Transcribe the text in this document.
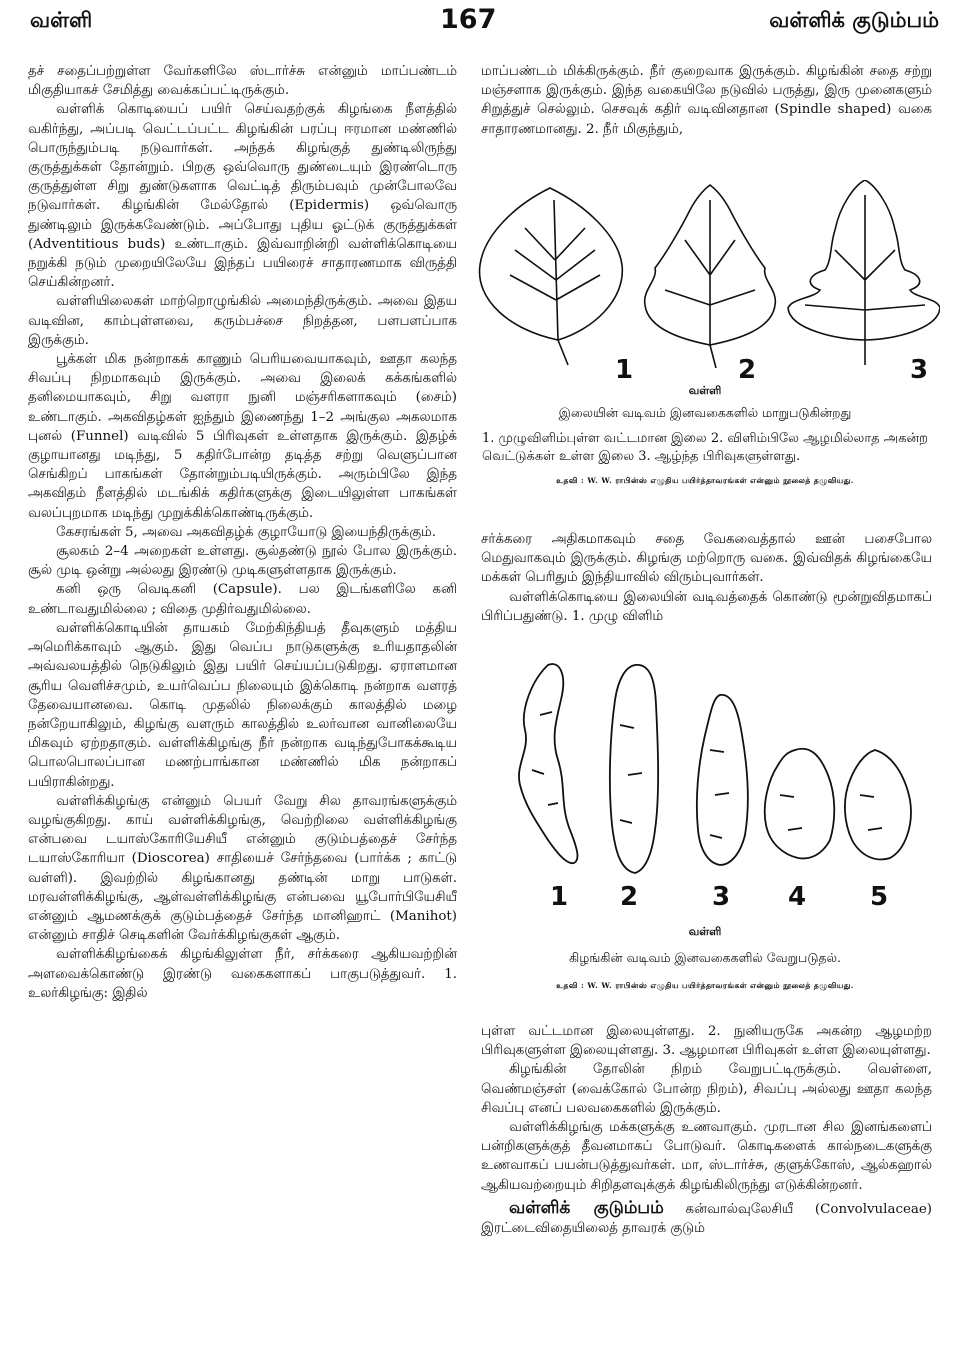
வள்ளி	167	வள்ளிக் குடும்பம்

தச் சதைப்பற்றுள்ள வேர்களிலே ஸ்டார்ச்சு என்னும் மாப்பண்டம் மிகுதியாகச் சேமித்து வைக்கப்பட்டிருக்கும்.

வள்ளிக் கொடியைப் பயிர் செய்வதற்குக் கிழங்கை நீளத்தில் வகிர்ந்து, அப்படி வெட்டப்பட்ட கிழங்கின் பரப்பு ஈரமான மண்ணில் பொருந்தும்படி நடுவார்கள். அந்தக் கிழங்குத் துண்டிலிருந்து குருத்துக்கள் தோன்றும். பிறகு ஒவ்வொரு துண்டையும் இரண்டொரு குருத்துள்ள சிறு துண்டுகளாக வெட்டித் திரும்பவும் முன்போலவே நடுவார்கள். கிழங்கின் மேல்தோல் (Epidermis) ஒவ்வொரு துண்டிலும் இருக்கவேண்டும். அப்போது புதிய ஓட்டுக் குருத்துக்கள் (Adventitious buds) உண்டாகும். இவ்வாறின்றி வள்ளிக்கொடியை நறுக்கி நடும் முறையிலேயே இந்தப் பயிரைச் சாதாரணமாக விருத்தி செய்கின்றனர்.

வள்ளியிலைகள் மாற்றொழுங்கில் அமைந்திருக்கும். அவை இதய வடிவின, காம்புள்ளவை, கரும்பச்சை நிறத்தன, பளபளப்பாக இருக்கும்.

பூக்கள் மிக நன்றாகக் காணும் பெரியவையாகவும், ஊதா கலந்த சிவப்பு நிறமாகவும் இருக்கும். அவை இலைக் கக்கங்களில் தனிமையாகவும், சிறு வளரா நுனி மஞ்சரிகளாகவும் (சைம்) உண்டாகும். அகவிதழ்கள் ஐந்தும் இணைந்து 1–2 அங்குல அகலமாக புனல் (Funnel) வடிவில் 5 பிரிவுகள் உள்ளதாக இருக்கும். இதழ்க் குழாயானது மடிந்து, 5 கதிர்போன்ற தடித்த சற்று வெளுப்பான செங்கிறப் பாகங்கள் தோன்றும்படியிருக்கும். அரும்பிலே இந்த அகவிதம் நீளத்தில் மடங்கிக் கதிர்களுக்கு இடையிலுள்ள பாகங்கள் வலப்புறமாக மடிந்து முறுக்கிக்கொண்டிருக்கும்.

கேசரங்கள் 5, அவை அகவிதழ்க் குழாயோடு இயைந்திருக்கும்.

சூலகம் 2–4 அறைகள் உள்ளது. சூல்தண்டு நூல் போல இருக்கும். சூல் முடி ஒன்று அல்லது இரண்டு முடிகளுள்ளதாக இருக்கும்.

கனி ஒரு வெடிகனி (Capsule). பல இடங்களிலே கனி உண்டாவதுமில்லை ; விதை முதிர்வதுமில்லை.

வள்ளிக்கொடியின் தாயகம் மேற்கிந்தியத் தீவுகளும் மத்திய அமெரிக்காவும் ஆகும். இது வெப்ப நாடுகளுக்கு உரியதாதலின் அவ்வலயத்தில் நெடுகிலும் இது பயிர் செய்யப்படுகிறது. ஏராளமான சூரிய வெளிச்சமும், உயர்வெப்ப நிலையும் இக்கொடி நன்றாக வளரத் தேவையானவை. கொடி முதலில் நிலைக்கும் காலத்தில் மழை நன்றேயாகிலும், கிழங்கு வளரும் காலத்தில் உலர்வான வானிலையே மிகவும் ஏற்றதாகும். வள்ளிக்கிழங்கு நீர் நன்றாக வடிந்துபோகக்கூடிய பொலபொலப்பான மணற்பாங்கான மண்ணில் மிக நன்றாகப் பயிராகின்றது.

வள்ளிக்கிழங்கு என்னும் பெயர் வேறு சில தாவரங்களுக்கும் வழங்குகிறது. காய் வள்ளிக்கிழங்கு, வெற்றிலை வள்ளிக்கிழங்கு என்பவை டயாஸ்கோரியேசியீ என்னும் குடும்பத்தைச் சேர்ந்த டயாஸ்கோரியா (Dioscorea) சாதியைச் சேர்ந்தவை (பார்க்க ; காட்டு வள்ளி). இவற்றில் கிழங்கானது தண்டின் மாறு பாடுகள். மரவள்ளிக்கிழங்கு, ஆள்வள்ளிக்கிழங்கு என்பவை யூபோர்பியேசியீ என்னும் ஆமணக்குக் குடும்பத்தைச் சேர்ந்த மானிஹாட் (Manihot) என்னும் சாதிச் செடிகளின் வேர்க்கிழங்குகள் ஆகும்.

வள்ளிக்கிழங்கைக் கிழங்கிலுள்ள நீர், சர்க்கரை ஆகியவற்றின் அளவைக்கொண்டு இரண்டு வகைகளாகப் பாகுபடுத்துவர். 1. உலர்கிழங்கு: இதில்

மாப்பண்டம் மிக்கிருக்கும். நீர் குறைவாக இருக்கும். கிழங்கின் சதை சற்று மஞ்சளாக இருக்கும். இந்த வகையிலே நடுவில் பருத்து, இரு முனைகளும் சிறுத்துச் செல்லும். செசவுக் கதிர் வடிவினதான (Spindle shaped) வகை சாதாரணமானது. 2. நீர் மிகுந்தும்,

1	2	3
வள்ளி
இலையின் வடிவம் இனவகைகளில் மாறுபடுகின்றது
1. முழுவிளிம்புள்ள வட்டமான இலை 2. விளிம்பிலே ஆழமில்லாத அகன்ற வெட்டுக்கள் உள்ள இலை 3. ஆழ்ந்த பிரிவுகளுள்ளது.
உதவி : W. W. ராபின்ஸ் எழுதிய பயிர்த்தாவரங்கள் என்னும் நூலைத் தழுவியது.

சர்க்கரை அதிகமாகவும் சதை வேகவைத்தால் ஊன் பசைபோல மெதுவாகவும் இருக்கும். கிழங்கு மற்றொரு வகை. இவ்விதக் கிழங்கையே மக்கள் பெரிதும் இந்தியாவில் விரும்புவார்கள்.

வள்ளிக்கொடியை இலையின் வடிவத்தைக் கொண்டு மூன்றுவிதமாகப் பிரிப்பதுண்டு. 1. முழு விளிம்

1 2	3 4 5
வள்ளி
கிழங்கின் வடிவம் இனவகைகளில் வேறுபடுதல்.
உதவி : W. W. ராபின்ஸ் எழுதிய பயிர்த்தாவரங்கள் என்னும் நூலைத் தழுவியது.

புள்ள வட்டமான இலையுள்ளது. 2. நுனியருகே அகன்ற ஆழமற்ற பிரிவுகளுள்ள இலையுள்ளது. 3. ஆழமான பிரிவுகள் உள்ள இலையுள்ளது.

கிழங்கின் தோலின் நிறம் வேறுபட்டிருக்கும். வெள்ளை, வெண்மஞ்சள் (வைக்கோல் போன்ற நிறம்), சிவப்பு அல்லது ஊதா கலந்த சிவப்பு எனப் பலவகைகளில் இருக்கும்.

வள்ளிக்கிழங்கு மக்களுக்கு உணவாகும். முரடான சில இனங்களைப் பன்றிகளுக்குத் தீவனமாகப் போடுவர். கொடிகளைக் கால்நடைகளுக்கு உணவாகப் பயன்படுத்துவர்கள். மா, ஸ்டார்ச்சு, குளுக்கோஸ், ஆல்கஹால் ஆகியவற்றையும் சிறிதளவுக்குக் கிழங்கிலிருந்து எடுக்கின்றனர்.

வள்ளிக் குடும்பம் கன்வால்வுலேசியீ (Convolvulaceae) இரட்டைவிதையிலைத் தாவரக் குடும்
